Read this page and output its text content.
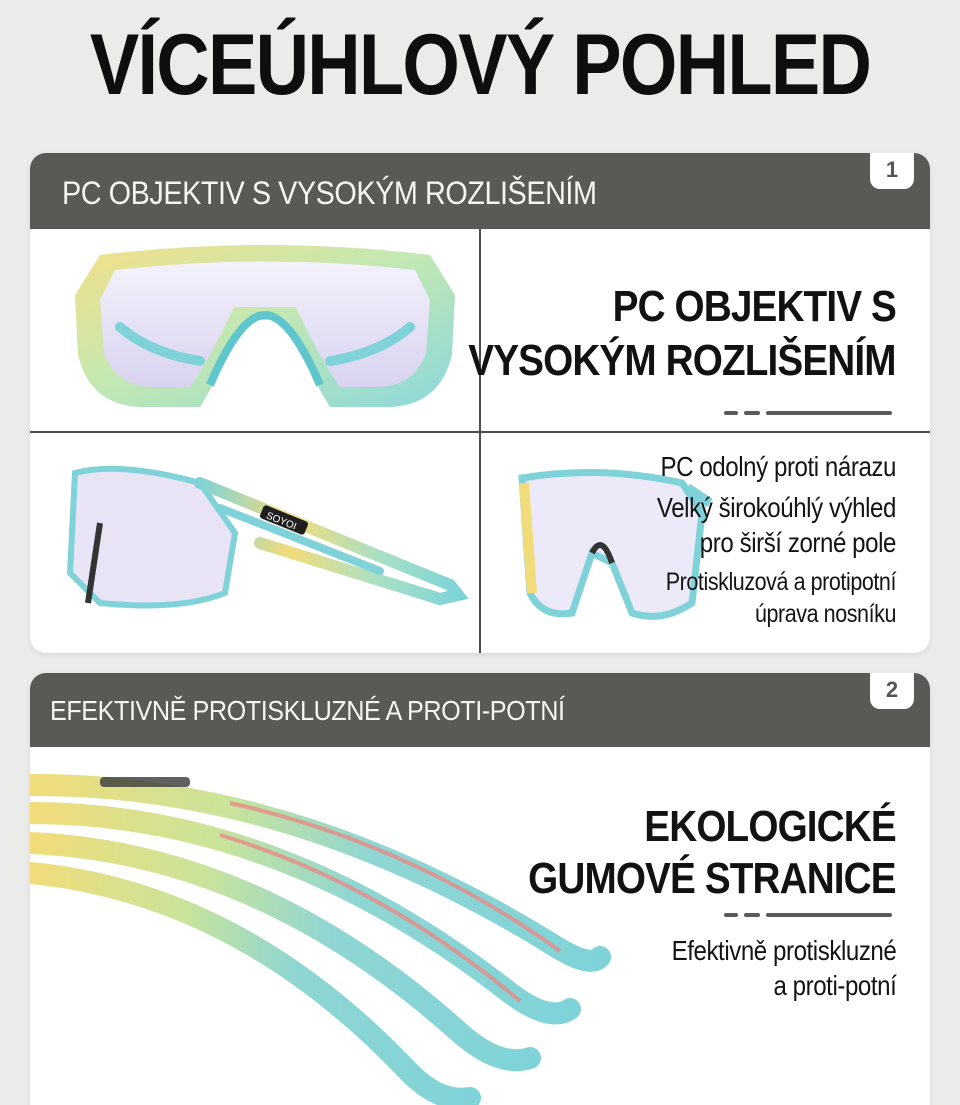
VÍCEÚHLOVÝ POHLED
PC OBJEKTIV S VYSOKÝM ROZLIŠENÍM
1
PC OBJEKTIV S
VYSOKÝM ROZLIŠENÍM
SOYOI
PC odolný proti nárazu
Velký širokoúhlý výhled
pro širší zorné pole
Protiskluzová a protipotní
úprava nosníku
EFEKTIVNĚ PROTISKLUZNÉ A PROTI-POTNÍ
2
EKOLOGICKÉ
GUMOVÉ STRANICE
Efektivně protiskluzné
a proti-potní
